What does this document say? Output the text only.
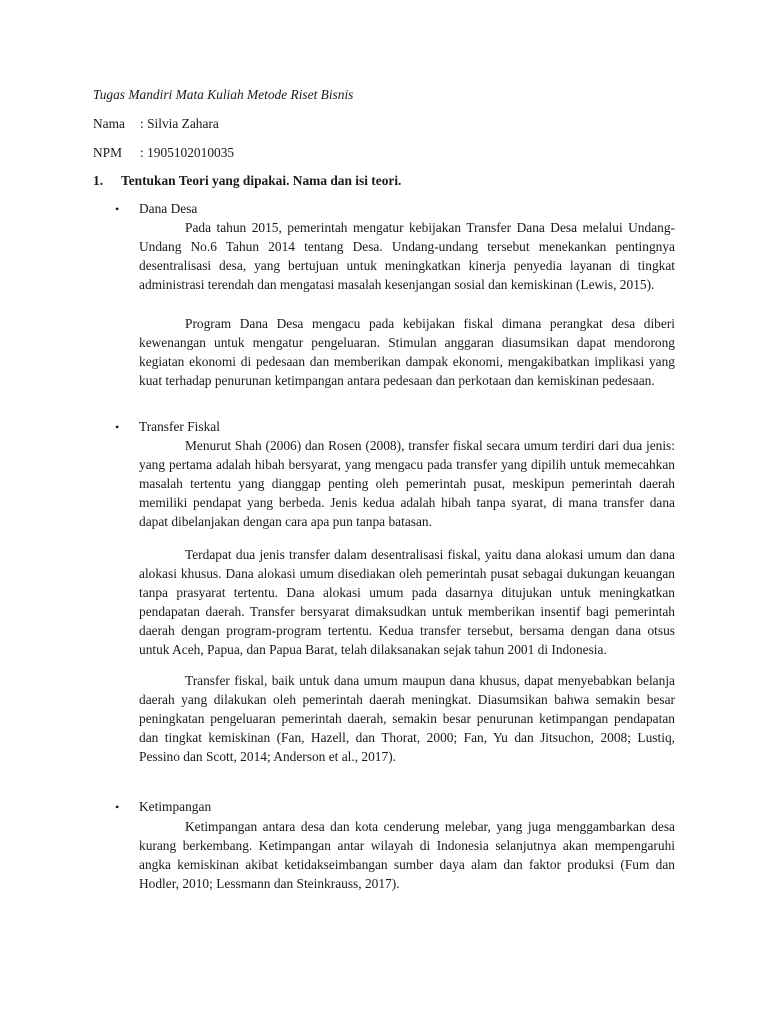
Tugas Mandiri Mata Kuliah Metode Riset Bisnis
Nama : Silvia Zahara
NPM : 1905102010035
1. Tentukan Teori yang dipakai. Nama dan isi teori.
• Dana Desa

Pada tahun 2015, pemerintah mengatur kebijakan Transfer Dana Desa melalui Undang-Undang No.6 Tahun 2014 tentang Desa. Undang-undang tersebut menekankan pentingnya desentralisasi desa, yang bertujuan untuk meningkatkan kinerja penyedia layanan di tingkat administrasi terendah dan mengatasi masalah kesenjangan sosial dan kemiskinan (Lewis, 2015).

Program Dana Desa mengacu pada kebijakan fiskal dimana perangkat desa diberi kewenangan untuk mengatur pengeluaran. Stimulan anggaran diasumsikan dapat mendorong kegiatan ekonomi di pedesaan dan memberikan dampak ekonomi, mengakibatkan implikasi yang kuat terhadap penurunan ketimpangan antara pedesaan dan perkotaan dan kemiskinan pedesaan.

• Transfer Fiskal

Menurut Shah (2006) dan Rosen (2008), transfer fiskal secara umum terdiri dari dua jenis: yang pertama adalah hibah bersyarat, yang mengacu pada transfer yang dipilih untuk memecahkan masalah tertentu yang dianggap penting oleh pemerintah pusat, meskipun pemerintah daerah memiliki pendapat yang berbeda. Jenis kedua adalah hibah tanpa syarat, di mana transfer dana dapat dibelanjakan dengan cara apa pun tanpa batasan.

Terdapat dua jenis transfer dalam desentralisasi fiskal, yaitu dana alokasi umum dan dana alokasi khusus. Dana alokasi umum disediakan oleh pemerintah pusat sebagai dukungan keuangan tanpa prasyarat tertentu. Dana alokasi umum pada dasarnya ditujukan untuk meningkatkan pendapatan daerah. Transfer bersyarat dimaksudkan untuk memberikan insentif bagi pemerintah daerah dengan program-program tertentu. Kedua transfer tersebut, bersama dengan dana otsus untuk Aceh, Papua, dan Papua Barat, telah dilaksanakan sejak tahun 2001 di Indonesia.

Transfer fiskal, baik untuk dana umum maupun dana khusus, dapat menyebabkan belanja daerah yang dilakukan oleh pemerintah daerah meningkat. Diasumsikan bahwa semakin besar peningkatan pengeluaran pemerintah daerah, semakin besar penurunan ketimpangan pendapatan dan tingkat kemiskinan (Fan, Hazell, dan Thorat, 2000; Fan, Yu dan Jitsuchon, 2008; Lustiq, Pessino dan Scott, 2014; Anderson et al., 2017).

• Ketimpangan

Ketimpangan antara desa dan kota cenderung melebar, yang juga menggambarkan desa kurang berkembang. Ketimpangan antar wilayah di Indonesia selanjutnya akan mempengaruhi angka kemiskinan akibat ketidakseimbangan sumber daya alam dan faktor produksi (Fum dan Hodler, 2010; Lessmann dan Steinkrauss, 2017).
